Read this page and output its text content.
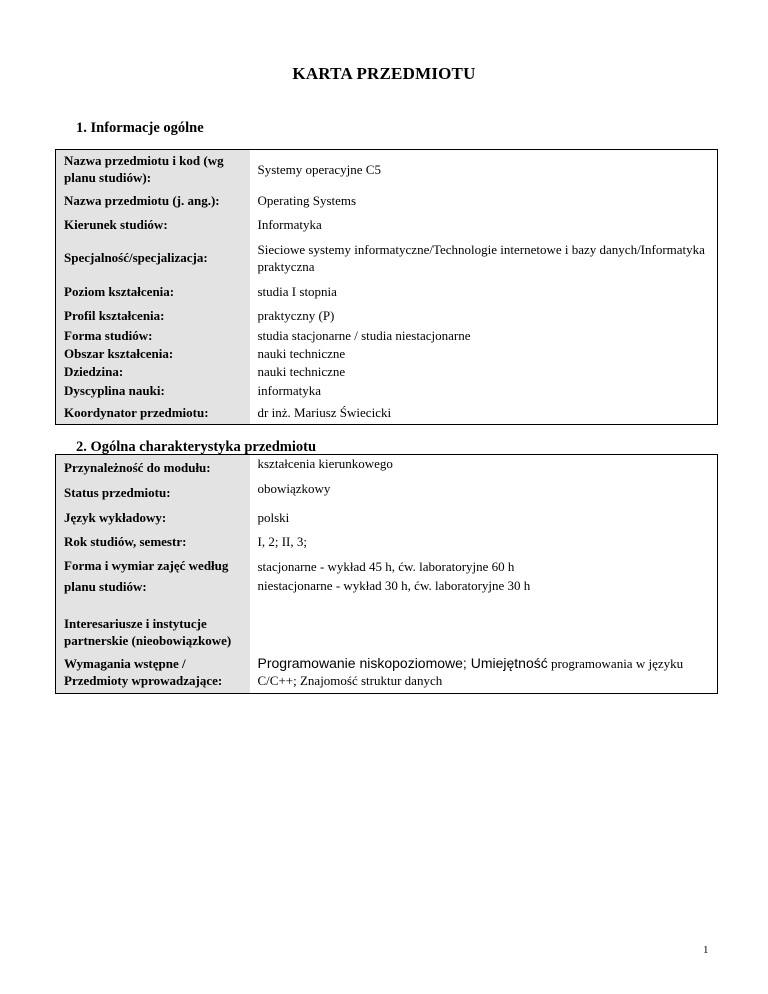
KARTA PRZEDMIOTU
1. Informacje ogólne
Nazwa przedmiotu i kod (wg planu studiów):	Systemy operacyjne C5
Nazwa przedmiotu (j. ang.):	Operating Systems
Kierunek studiów:	Informatyka
Specjalność/specjalizacja:	Sieciowe systemy informatyczne/Technologie internetowe i bazy danych/Informatyka praktyczna
Poziom kształcenia:	studia I stopnia
Profil kształcenia:	praktyczny (P)
Forma studiów:	studia stacjonarne / studia niestacjonarne
Obszar kształcenia:	nauki techniczne
Dziedzina:	nauki techniczne
Dyscyplina nauki:	informatyka
Koordynator przedmiotu:	dr inż. Mariusz Świecicki
2. Ogólna charakterystyka przedmiotu
Przynależność do modułu:	kształcenia kierunkowego
Status przedmiotu:	obowiązkowy
Język wykładowy:	polski
Rok studiów, semestr:	I, 2; II, 3;
Forma i wymiar zajęć według planu studiów:	stacjonarne - wykład 45 h, ćw. laboratoryjne 60 h
niestacjonarne - wykład 30 h, ćw. laboratoryjne 30 h

Interesariusze i instytucje partnerskie (nieobowiązkowe)	
Wymagania wstępne / Przedmioty wprowadzające:	Programowanie niskopoziomowe; Umiejętność programowania w języku C/C++; Znajomość struktur danych
1
